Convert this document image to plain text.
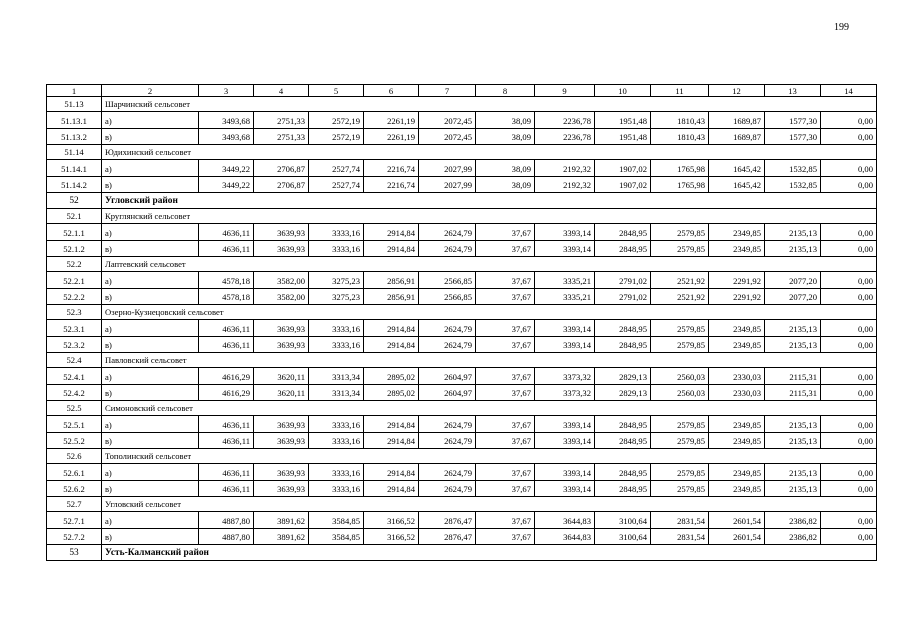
199
1	2	3	4	5	6	7	8	9	10	11	12	13	14
51.13	Шарчинский сельсовет												
51.13.1	а)	3493,68	2751,33	2572,19	2261,19	2072,45	38,09	2236,78	1951,48	1810,43	1689,87	1577,30	0,00
51.13.2	в)	3493,68	2751,33	2572,19	2261,19	2072,45	38,09	2236,78	1951,48	1810,43	1689,87	1577,30	0,00
51.14	Юдихинский сельсовет												
51.14.1	а)	3449,22	2706,87	2527,74	2216,74	2027,99	38,09	2192,32	1907,02	1765,98	1645,42	1532,85	0,00
51.14.2	в)	3449,22	2706,87	2527,74	2216,74	2027,99	38,09	2192,32	1907,02	1765,98	1645,42	1532,85	0,00
52	Угловский район												
52.1	Круглянский сельсовет												
52.1.1	а)	4636,11	3639,93	3333,16	2914,84	2624,79	37,67	3393,14	2848,95	2579,85	2349,85	2135,13	0,00
52.1.2	в)	4636,11	3639,93	3333,16	2914,84	2624,79	37,67	3393,14	2848,95	2579,85	2349,85	2135,13	0,00
52.2	Лаптевский сельсовет												
52.2.1	а)	4578,18	3582,00	3275,23	2856,91	2566,85	37,67	3335,21	2791,02	2521,92	2291,92	2077,20	0,00
52.2.2	в)	4578,18	3582,00	3275,23	2856,91	2566,85	37,67	3335,21	2791,02	2521,92	2291,92	2077,20	0,00
52.3	Озерно-Кузнецовский сельсовет												
52.3.1	а)	4636,11	3639,93	3333,16	2914,84	2624,79	37,67	3393,14	2848,95	2579,85	2349,85	2135,13	0,00
52.3.2	в)	4636,11	3639,93	3333,16	2914,84	2624,79	37,67	3393,14	2848,95	2579,85	2349,85	2135,13	0,00
52.4	Павловский сельсовет												
52.4.1	а)	4616,29	3620,11	3313,34	2895,02	2604,97	37,67	3373,32	2829,13	2560,03	2330,03	2115,31	0,00
52.4.2	в)	4616,29	3620,11	3313,34	2895,02	2604,97	37,67	3373,32	2829,13	2560,03	2330,03	2115,31	0,00
52.5	Симоновский сельсовет												
52.5.1	а)	4636,11	3639,93	3333,16	2914,84	2624,79	37,67	3393,14	2848,95	2579,85	2349,85	2135,13	0,00
52.5.2	в)	4636,11	3639,93	3333,16	2914,84	2624,79	37,67	3393,14	2848,95	2579,85	2349,85	2135,13	0,00
52.6	Тополинский сельсовет												
52.6.1	а)	4636,11	3639,93	3333,16	2914,84	2624,79	37,67	3393,14	2848,95	2579,85	2349,85	2135,13	0,00
52.6.2	в)	4636,11	3639,93	3333,16	2914,84	2624,79	37,67	3393,14	2848,95	2579,85	2349,85	2135,13	0,00
52.7	Угловский сельсовет												
52.7.1	а)	4887,80	3891,62	3584,85	3166,52	2876,47	37,67	3644,83	3100,64	2831,54	2601,54	2386,82	0,00
52.7.2	в)	4887,80	3891,62	3584,85	3166,52	2876,47	37,67	3644,83	3100,64	2831,54	2601,54	2386,82	0,00
53	Усть-Калманский район												
